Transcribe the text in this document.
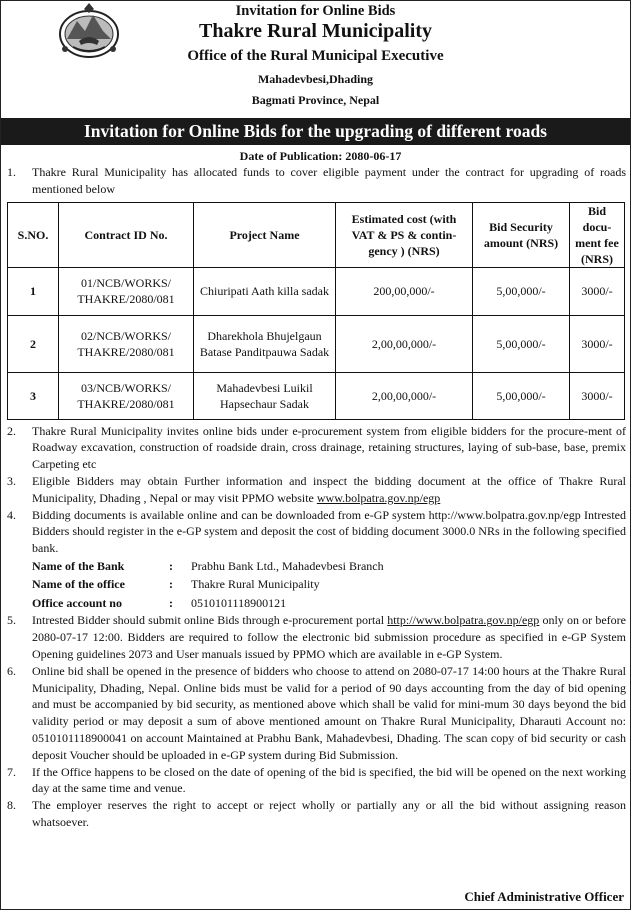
Invitation for Online Bids
Thakre Rural Municipality
Office of the Rural Municipal Executive
Mahadevbesi,Dhading
Bagmati Province, Nepal
Invitation for Online Bids for the upgrading of different roads
Date of Publication: 2080-06-17
1. Thakre Rural Municipality has allocated funds to cover eligible payment under the contract for upgrading of roads mentioned below
S.NO.	Contract ID No.	Project Name	Estimated cost (with VAT & PS & contin-gency ) (NRS)	Bid Security amount (NRS)	Bid docu-ment fee (NRS)
1	01/NCB/WORKS/ THAKRE/2080/081	Chiuripati Aath killa sadak	200,00,000/-	5,00,000/-	3000/-
2	02/NCB/WORKS/ THAKRE/2080/081	Dharekhola Bhujelgaun Batase Panditpauwa Sadak	2,00,00,000/-	5,00,000/-	3000/-
3	03/NCB/WORKS/ THAKRE/2080/081	Mahadevbesi Luikil Hapsechaur Sadak	2,00,00,000/-	5,00,000/-	3000/-
2. Thakre Rural Municipality invites online bids under e-procurement system from eligible bidders for the procure-ment of Roadway excavation, construction of roadside drain, cross drainage, retaining structures, laying of sub-base, base, premix Carpeting etc
3. Eligible Bidders may obtain Further information and inspect the bidding document at the office of Thakre Rural Municipality, Dhading , Nepal or may visit PPMO website www.bolpatra.gov.np/egp
4. Bidding documents is available online and can be downloaded from e-GP system http://www.bolpatra.gov.np/egp Intrested Bidders should register in the e-GP system and deposit the cost of bidding document 3000.0 NRs in the following specified bank.
Name of the Bank	:	Prabhu Bank Ltd., Mahadevbesi Branch
Name of the office	:	Thakre Rural Municipality
Office account no	:	0510101118900121
5. Intrested Bidder should submit online Bids through e-procurement portal http://www.bolpatra.gov.np/egp only on or before 2080-07-17 12:00. Bidders are required to follow the electronic bid submission procedure as specified in e-GP System Opening guidelines 2073 and User manuals issued by PPMO which are available in e-GP System.
6. Online bid shall be opened in the presence of bidders who choose to attend on 2080-07-17 14:00 hours at the Thakre Rural Municipality, Dhading, Nepal. Online bids must be valid for a period of 90 days accounting from the day of bid opening and must be accompanied by bid security, as mentioned above which shall be valid for mini-mum 30 days beyond the bid validity period or may deposit a sum of above mentioned amount on Thakre Rural Municipality, Dharauti Account no: 0510101118900041 on account Maintained at Prabhu Bank, Mahadevbesi, Dhading. The scan copy of bid security or cash deposit Voucher should be uploaded in e-GP system during Bid Submission.
7. If the Office happens to be closed on the date of opening of the bid is specified, the bid will be opened on the next working day at the same time and venue.
8. The employer reserves the right to accept or reject wholly or partially any or all the bid without assigning reason whatsoever.
Chief Administrative Officer
